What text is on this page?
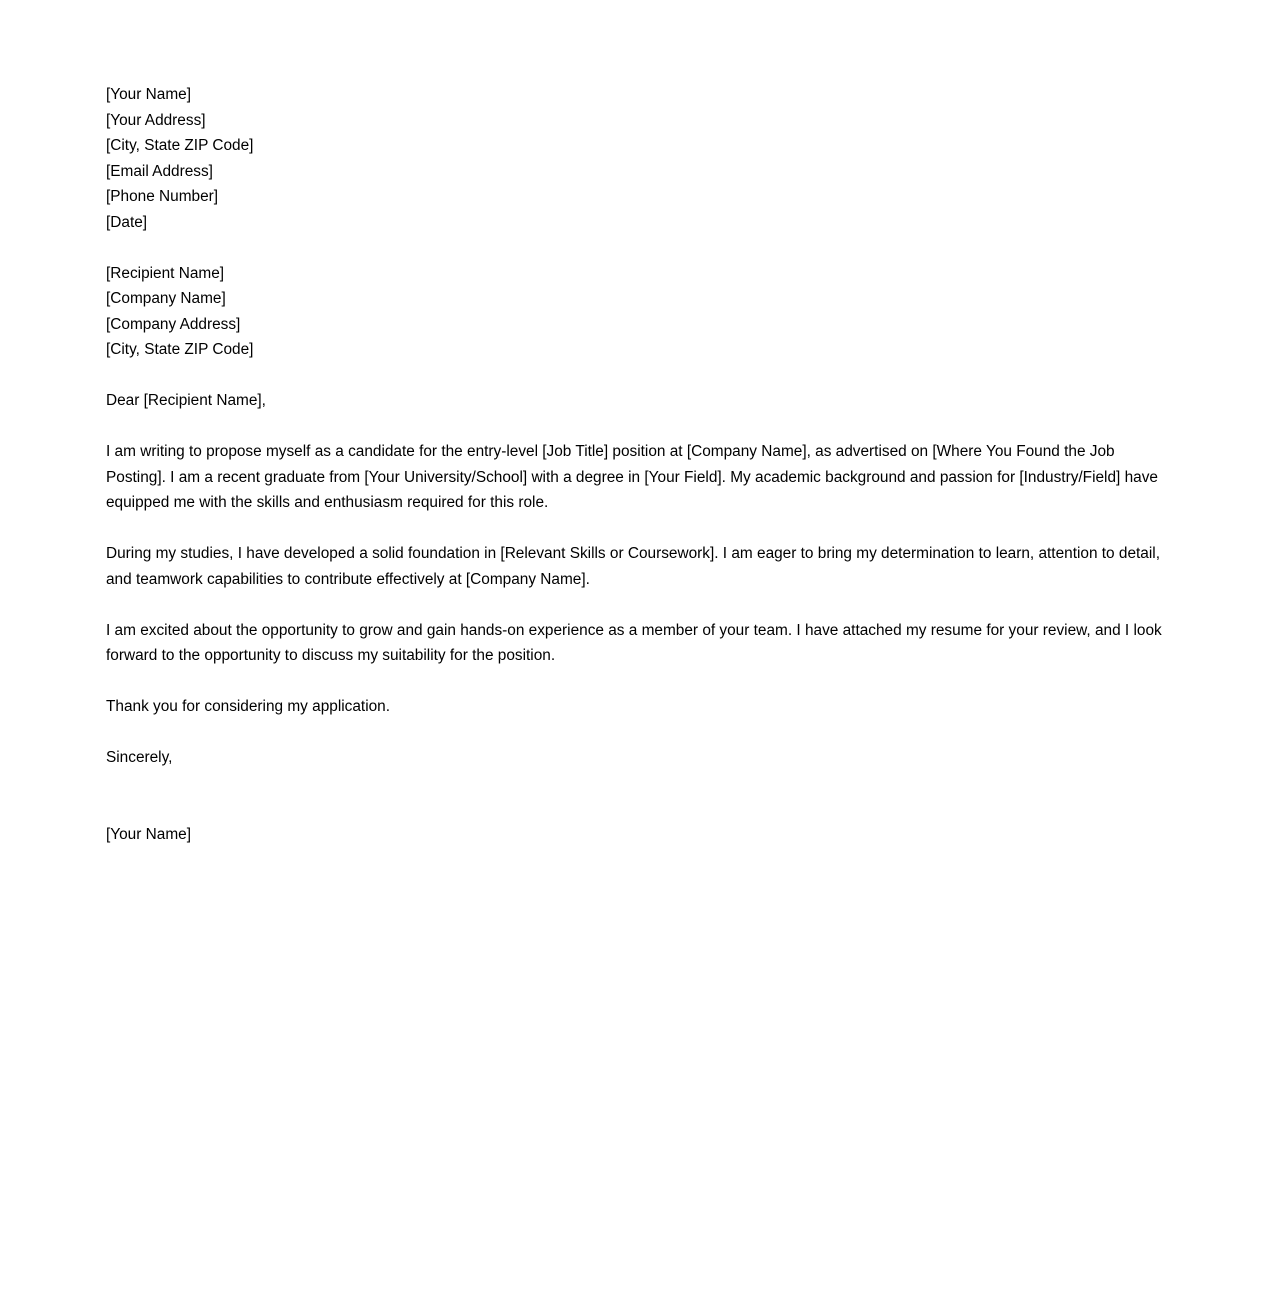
[Your Name]
[Your Address]
[City, State ZIP Code]
[Email Address]
[Phone Number]
[Date]
[Recipient Name]
[Company Name]
[Company Address]
[City, State ZIP Code]

Dear [Recipient Name],

I am writing to propose myself as a candidate for the entry-level [Job Title] position at [Company Name], as advertised on [Where You Found the Job Posting]. I am a recent graduate from [Your University/School] with a degree in [Your Field]. My academic background and passion for [Industry/Field] have equipped me with the skills and enthusiasm required for this role.

During my studies, I have developed a solid foundation in [Relevant Skills or Coursework]. I am eager to bring my determination to learn, attention to detail, and teamwork capabilities to contribute effectively at [Company Name].

I am excited about the opportunity to grow and gain hands-on experience as a member of your team. I have attached my resume for your review, and I look forward to the opportunity to discuss my suitability for the position.

Thank you for considering my application.

Sincerely,

[Your Name]
